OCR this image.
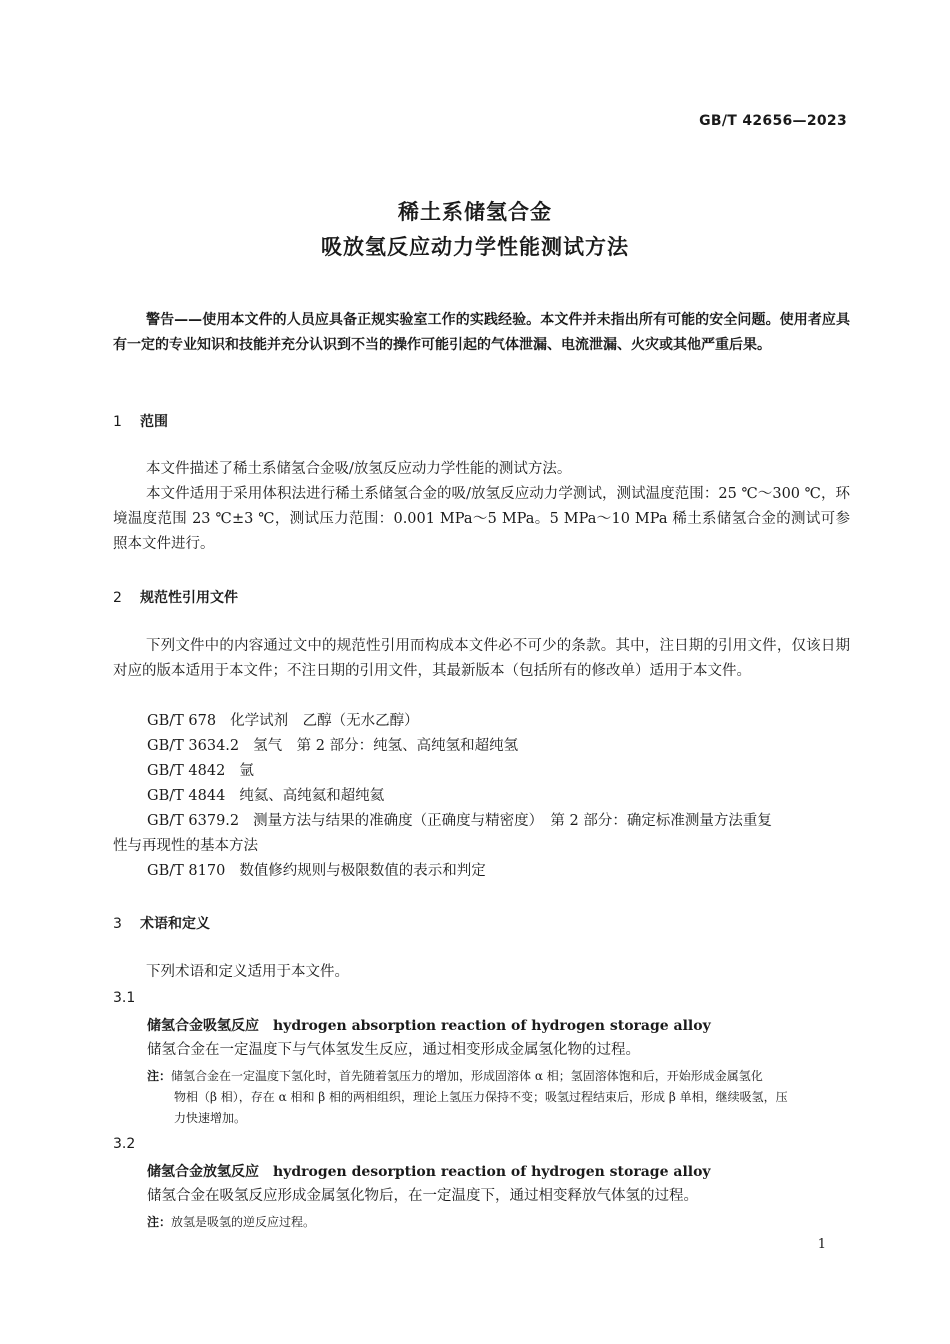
GB/T 42656—2023
稀土系储氢合金
吸放氢反应动力学性能测试方法
警告——使用本文件的人员应具备正规实验室工作的实践经验。本文件并未指出所有可能的安全问题。使用者应具有一定的专业知识和技能并充分认识到不当的操作可能引起的气体泄漏、电流泄漏、火灾或其他严重后果。
1 范围
本文件描述了稀土系储氢合金吸/放氢反应动力学性能的测试方法。
本文件适用于采用体积法进行稀土系储氢合金的吸/放氢反应动力学测试，测试温度范围：25 ℃～300 ℃，环境温度范围 23 ℃±3 ℃，测试压力范围：0.001 MPa～5 MPa。5 MPa～10 MPa 稀土系储氢合金的测试可参照本文件进行。
2 规范性引用文件
下列文件中的内容通过文中的规范性引用而构成本文件必不可少的条款。其中，注日期的引用文件，仅该日期对应的版本适用于本文件；不注日期的引用文件，其最新版本（包括所有的修改单）适用于本文件。
GB/T 678 化学试剂　乙醇（无水乙醇）
GB/T 3634.2 氢气　第 2 部分：纯氢、高纯氢和超纯氢
GB/T 4842 氩
GB/T 4844 纯氦、高纯氦和超纯氦
GB/T 6379.2 测量方法与结果的准确度（正确度与精密度）　第 2 部分：确定标准测量方法重复
性与再现性的基本方法
GB/T 8170 数值修约规则与极限数值的表示和判定
3 术语和定义
下列术语和定义适用于本文件。
3.1
储氢合金吸氢反应 hydrogen absorption reaction of hydrogen storage alloy
储氢合金在一定温度下与气体氢发生反应，通过相变形成金属氢化物的过程。
注：储氢合金在一定温度下氢化时，首先随着氢压力的增加，形成固溶体 α 相；氢固溶体饱和后，开始形成金属氢化
物相（β 相），存在 α 相和 β 相的两相组织，理论上氢压力保持不变；吸氢过程结束后，形成 β 单相，继续吸氢，压
力快速增加。
3.2
储氢合金放氢反应 hydrogen desorption reaction of hydrogen storage alloy
储氢合金在吸氢反应形成金属氢化物后，在一定温度下，通过相变释放气体氢的过程。
注：放氢是吸氢的逆反应过程。
1
